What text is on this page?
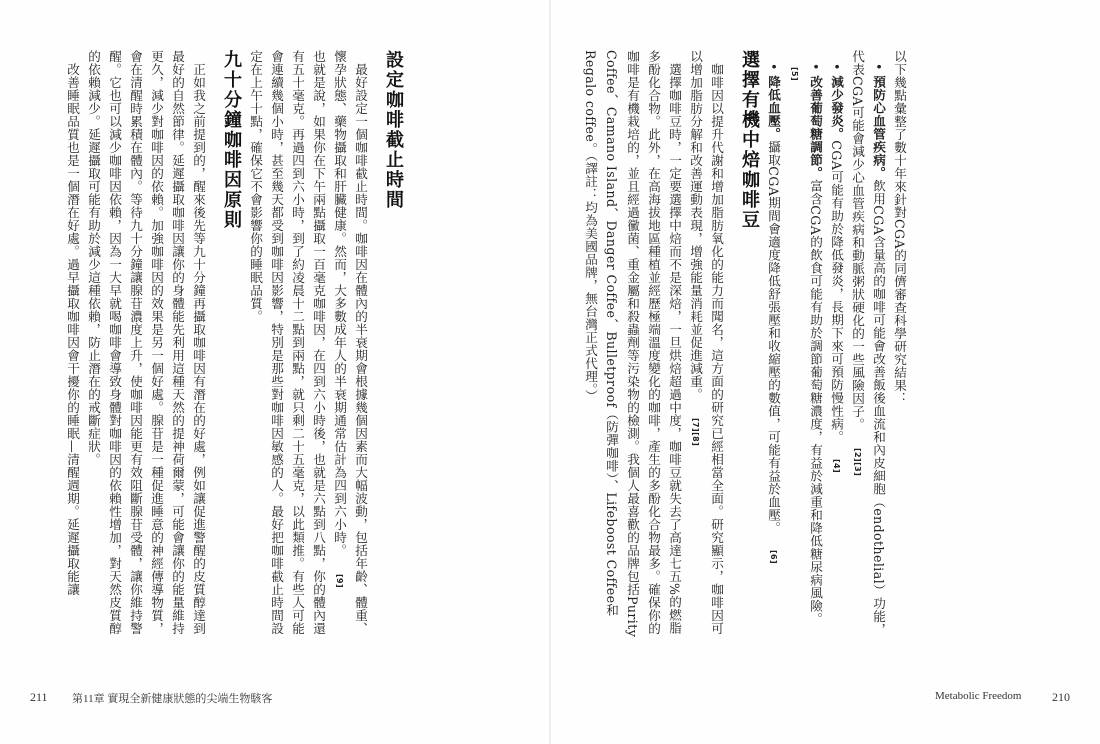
以下幾點彙整了數十年來針對CGA的同儕審查科學研究結果：

• 預防心血管疾病。飲用CGA含量高的咖啡可能會改善飯後血流和內皮細胞（endothelial）功能，代表CGA可能會減少心血管疾病和動脈粥狀硬化的一些風險因子。[2][3]

• 減少發炎。CGA可能有助於降低發炎，長期下來可預防慢性病。[4]

• 改善葡萄糖調節。富含CGA的飲食可能有助於調節葡萄糖濃度，有益於減重和降低糖尿病風險。[5]

• 降低血壓。攝取CGA期間會適度降低舒張壓和收縮壓的數值，可能有益於血壓。[6]

選擇有機中焙咖啡豆

咖啡因以提升代謝和增加脂肪氧化的能力而聞名，這方面的研究已經相當全面。研究顯示，咖啡因可以增加脂肪分解和改善運動表現，增強能量消耗並促進減重。[7][8]

選擇咖啡豆時，一定要選擇中焙而不是深焙，一旦烘焙超過中度，咖啡豆就失去了高達七五%的燃脂多酚化合物。此外，在高海拔地區種植並經歷極端溫度變化的咖啡，產生的多酚化合物最多。確保你的咖啡是有機栽培的，並且經過黴菌、重金屬和殺蟲劑等污染物的檢測。我個人最喜歡的品牌包括Purity Coffee、Camano Island、Danger Coffee、Bulletproof（防彈咖啡）、Lifeboost Coffee和Regalo coffee。（譯註：均為美國品牌，無台灣正式代理。）

設定咖啡截止時間

最好設定一個咖啡截止時間。咖啡因在體內的半衰期會根據幾個因素而大幅波動，包括年齡、體重、懷孕狀態、藥物攝取和肝臟健康。然而，大多數成年人的半衰期通常估計為四到六小時。[9]

也就是說，如果你在下午兩點攝取一百毫克咖啡因，在四到六小時後，也就是六點到八點，你的體內還有五十毫克。再過四到六小時，到了約凌晨十二點到兩點，就只剩二十五毫克，以此類推。有些人可能會連續幾個小時，甚至幾天都受到咖啡因影響，特別是那些對咖啡因敏感的人。最好把咖啡截止時間設定在上午十點，確保它不會影響你的睡眠品質。

九十分鐘咖啡因原則

正如我之前提到的，醒來後先等九十分鐘再攝取咖啡因有潛在的好處，例如讓促進警醒的皮質醇達到最好的自然節律。延遲攝取咖啡因讓你的身體能先利用這種天然的提神荷爾蒙，可能會讓你的能量維持更久，減少對咖啡因的依賴。加強咖啡因的效果是另一個好處。腺苷是一種促進睡意的神經傳導物質，會在清醒時累積在體內。等待九十分鐘讓腺苷濃度上升，使咖啡因能更有效阻斷腺苷受體，讓你維持警醒。它也可以減少咖啡因依賴，因為一大早就喝咖啡會導致身體對咖啡因的依賴性增加，對天然皮質醇的依賴減少。延遲攝取可能有助於減少這種依賴，防止潛在的戒斷症狀。

改善睡眠品質也是一個潛在好處。過早攝取咖啡因會干擾你的睡眠—清醒週期。延遲攝取能讓

211 第11章 實現全新健康狀態的尖端生物駭客	Metabolic Freedom	210
